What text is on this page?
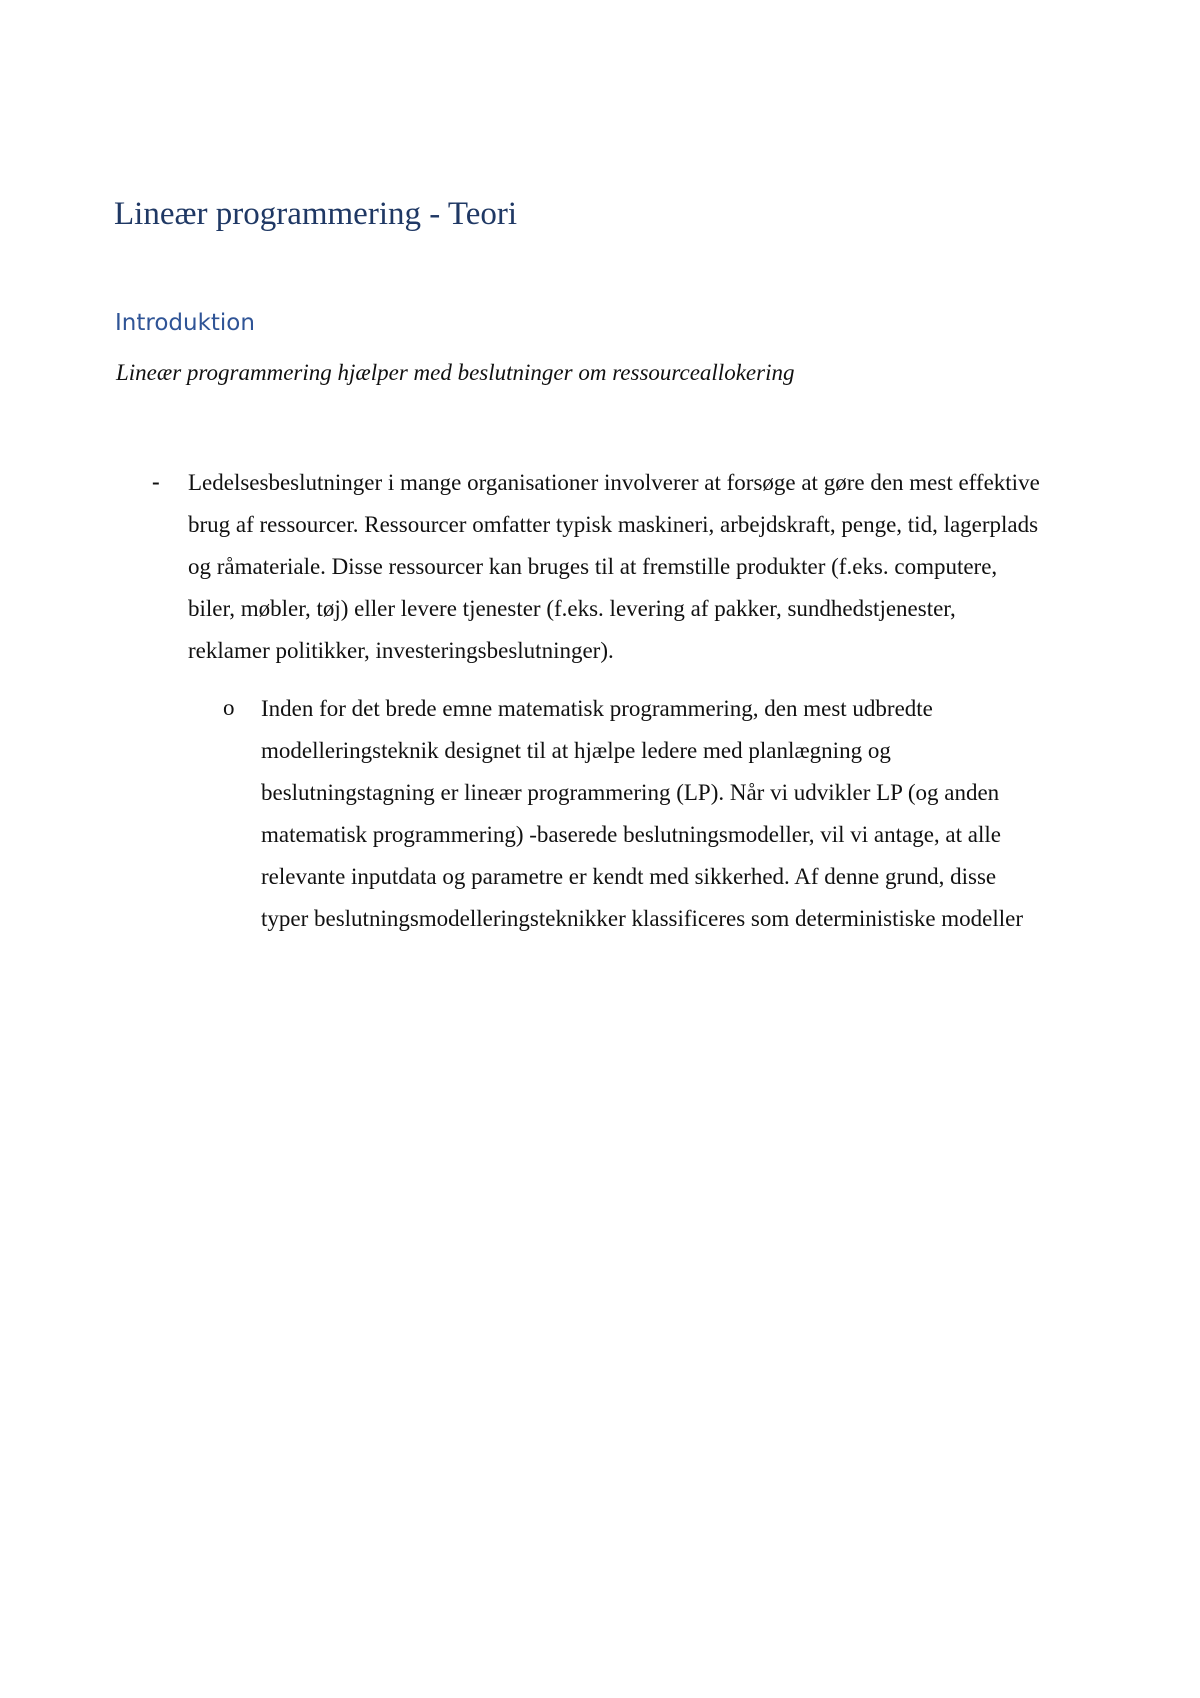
Lineær programmering - Teori
Introduktion

Lineær programmering hjælper med beslutninger om ressourceallokering

- Ledelsesbeslutninger i mange organisationer involverer at forsøge at gøre den mest effektive
brug af ressourcer. Ressourcer omfatter typisk maskineri, arbejdskraft, penge, tid, lagerplads
og råmateriale. Disse ressourcer kan bruges til at fremstille produkter (f.eks. computere,
biler, møbler, tøj) eller levere tjenester (f.eks. levering af pakker, sundhedstjenester,
reklamer politikker, investeringsbeslutninger).

o Inden for det brede emne matematisk programmering, den mest udbredte
modelleringsteknik designet til at hjælpe ledere med planlægning og
beslutningstagning er lineær programmering (LP). Når vi udvikler LP (og anden
matematisk programmering) -baserede beslutningsmodeller, vil vi antage, at alle
relevante inputdata og parametre er kendt med sikkerhed. Af denne grund, disse
typer beslutningsmodelleringsteknikker klassificeres som deterministiske modeller
